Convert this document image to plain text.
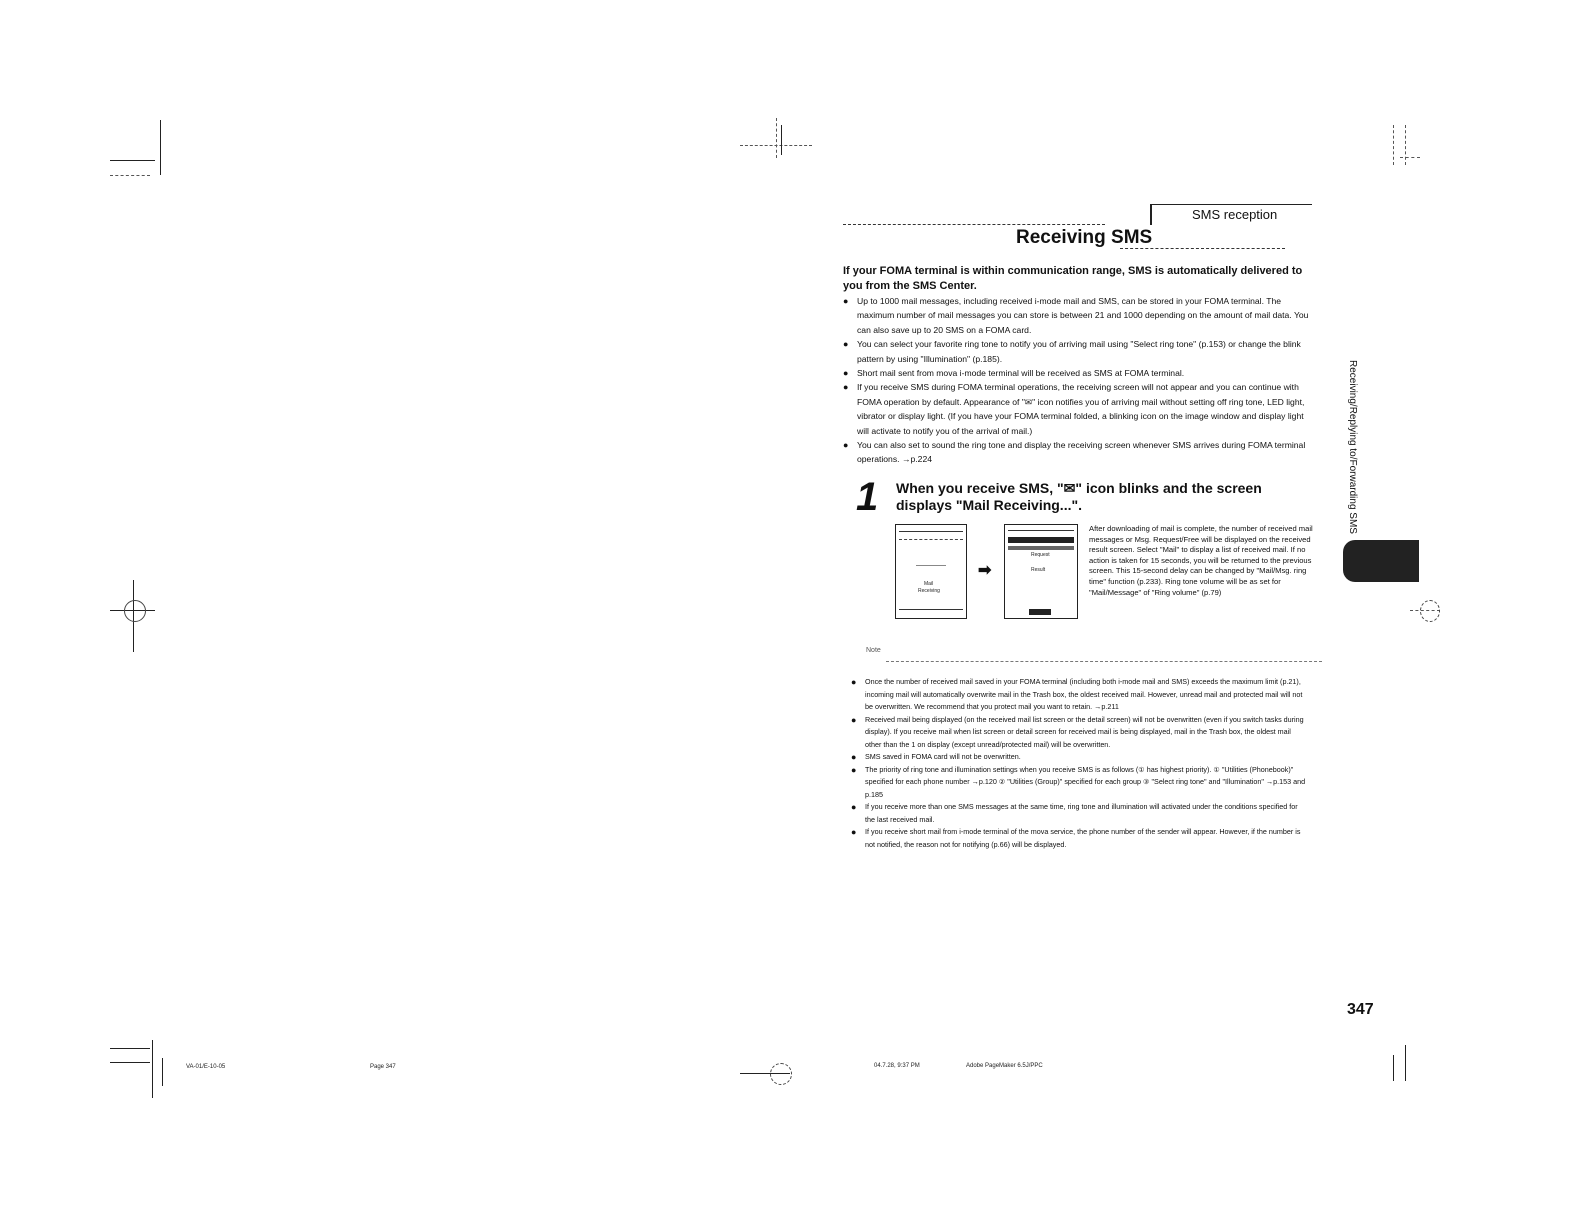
SMS reception
Receiving SMS
If your FOMA terminal is within communication range, SMS is automatically delivered to you from the SMS Center.
● Up to 1000 mail messages, including received i-mode mail and SMS, can be stored in your FOMA terminal. The maximum number of mail messages you can store is between 21 and 1000 depending on the amount of mail data. You can also save up to 20 SMS on a FOMA card.
● You can select your favorite ring tone to notify you of arriving mail using "Select ring tone" (p.153) or change the blink pattern by using "Illumination" (p.185).
● Short mail sent from mova i-mode terminal will be received as SMS at FOMA terminal.
● If you receive SMS during FOMA terminal operations, the receiving screen will not appear and you can continue with FOMA operation by default. Appearance of "✉" icon notifies you of arriving mail without setting off ring tone, LED light, vibrator or display light. (If you have your FOMA terminal folded, a blinking icon on the image window and display light will activate to notify you of the arrival of mail.)
● You can also set to sound the ring tone and display the receiving screen whenever SMS arrives during FOMA terminal operations. →p.224
1 When you receive SMS, "✉" icon blinks and the screen displays "Mail Receiving...".
Mail
Receiving
➡
Request
Result
After downloading of mail is complete, the number of received mail messages or Msg. Request/Free will be displayed on the received result screen. Select "Mail" to display a list of received mail. If no action is taken for 15 seconds, you will be returned to the previous screen. This 15-second delay can be changed by "Mail/Msg. ring time" function (p.233). Ring tone volume will be as set for "Mail/Message" of "Ring volume" (p.79)
Note
● Once the number of received mail saved in your FOMA terminal (including both i-mode mail and SMS) exceeds the maximum limit (p.21), incoming mail will automatically overwrite mail in the Trash box, the oldest received mail. However, unread mail and protected mail will not be overwritten. We recommend that you protect mail you want to retain. →p.211
● Received mail being displayed (on the received mail list screen or the detail screen) will not be overwritten (even if you switch tasks during display). If you receive mail when list screen or detail screen for received mail is being displayed, mail in the Trash box, the oldest mail other than the 1 on display (except unread/protected mail) will be overwritten.
● SMS saved in FOMA card will not be overwritten.
● The priority of ring tone and illumination settings when you receive SMS is as follows (① has highest priority). ① "Utilities (Phonebook)" specified for each phone number →p.120 ② "Utilities (Group)" specified for each group ③ "Select ring tone" and "Illumination" →p.153 and p.185
● If you receive more than one SMS messages at the same time, ring tone and illumination will activated under the conditions specified for the last received mail.
● If you receive short mail from i-mode terminal of the mova service, the phone number of the sender will appear. However, if the number is not notified, the reason not for notifying (p.66) will be displayed.
Receiving/Replying to/Forwarding SMS
347
VA-01/E-10-05	Page 347	04.7.28, 9:37 PM	Adobe PageMaker 6.5J/PPC
